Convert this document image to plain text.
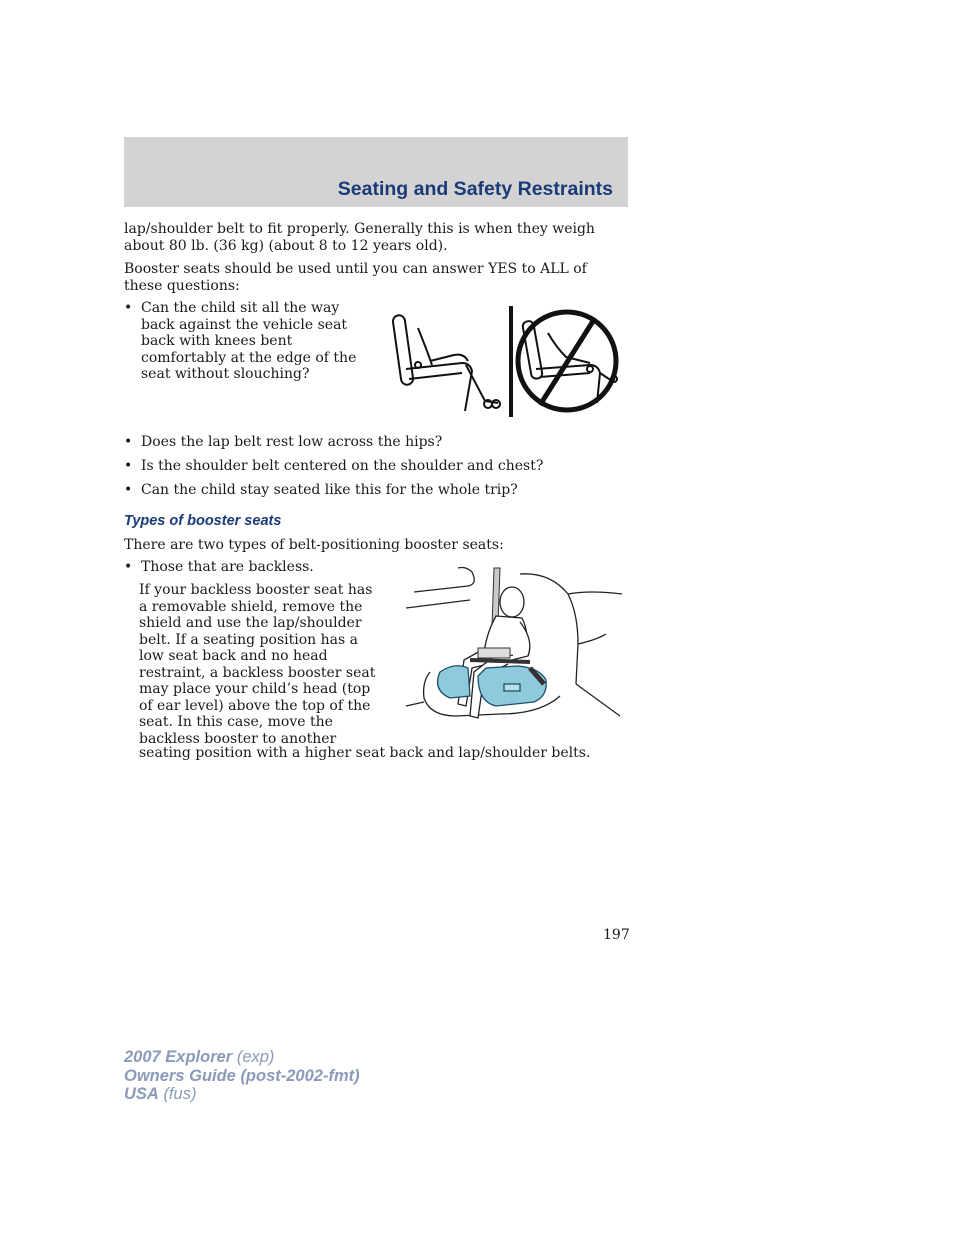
Seating and Safety Restraints
lap/shoulder belt to fit properly. Generally this is when they weigh about 80 lb. (36 kg) (about 8 to 12 years old).
Booster seats should be used until you can answer YES to ALL of these questions:
• Can the child sit all the way back against the vehicle seat back with knees bent comfortably at the edge of the seat without slouching?
• Does the lap belt rest low across the hips?
• Is the shoulder belt centered on the shoulder and chest?
• Can the child stay seated like this for the whole trip?
Types of booster seats
There are two types of belt-positioning booster seats:
• Those that are backless.
If your backless booster seat has a removable shield, remove the shield and use the lap/shoulder belt. If a seating position has a low seat back and no head restraint, a backless booster seat may place your child’s head (top of ear level) above the top of the seat. In this case, move the backless booster to another
seating position with a higher seat back and lap/shoulder belts.
197
2007 Explorer (exp)
Owners Guide (post-2002-fmt)
USA (fus)
